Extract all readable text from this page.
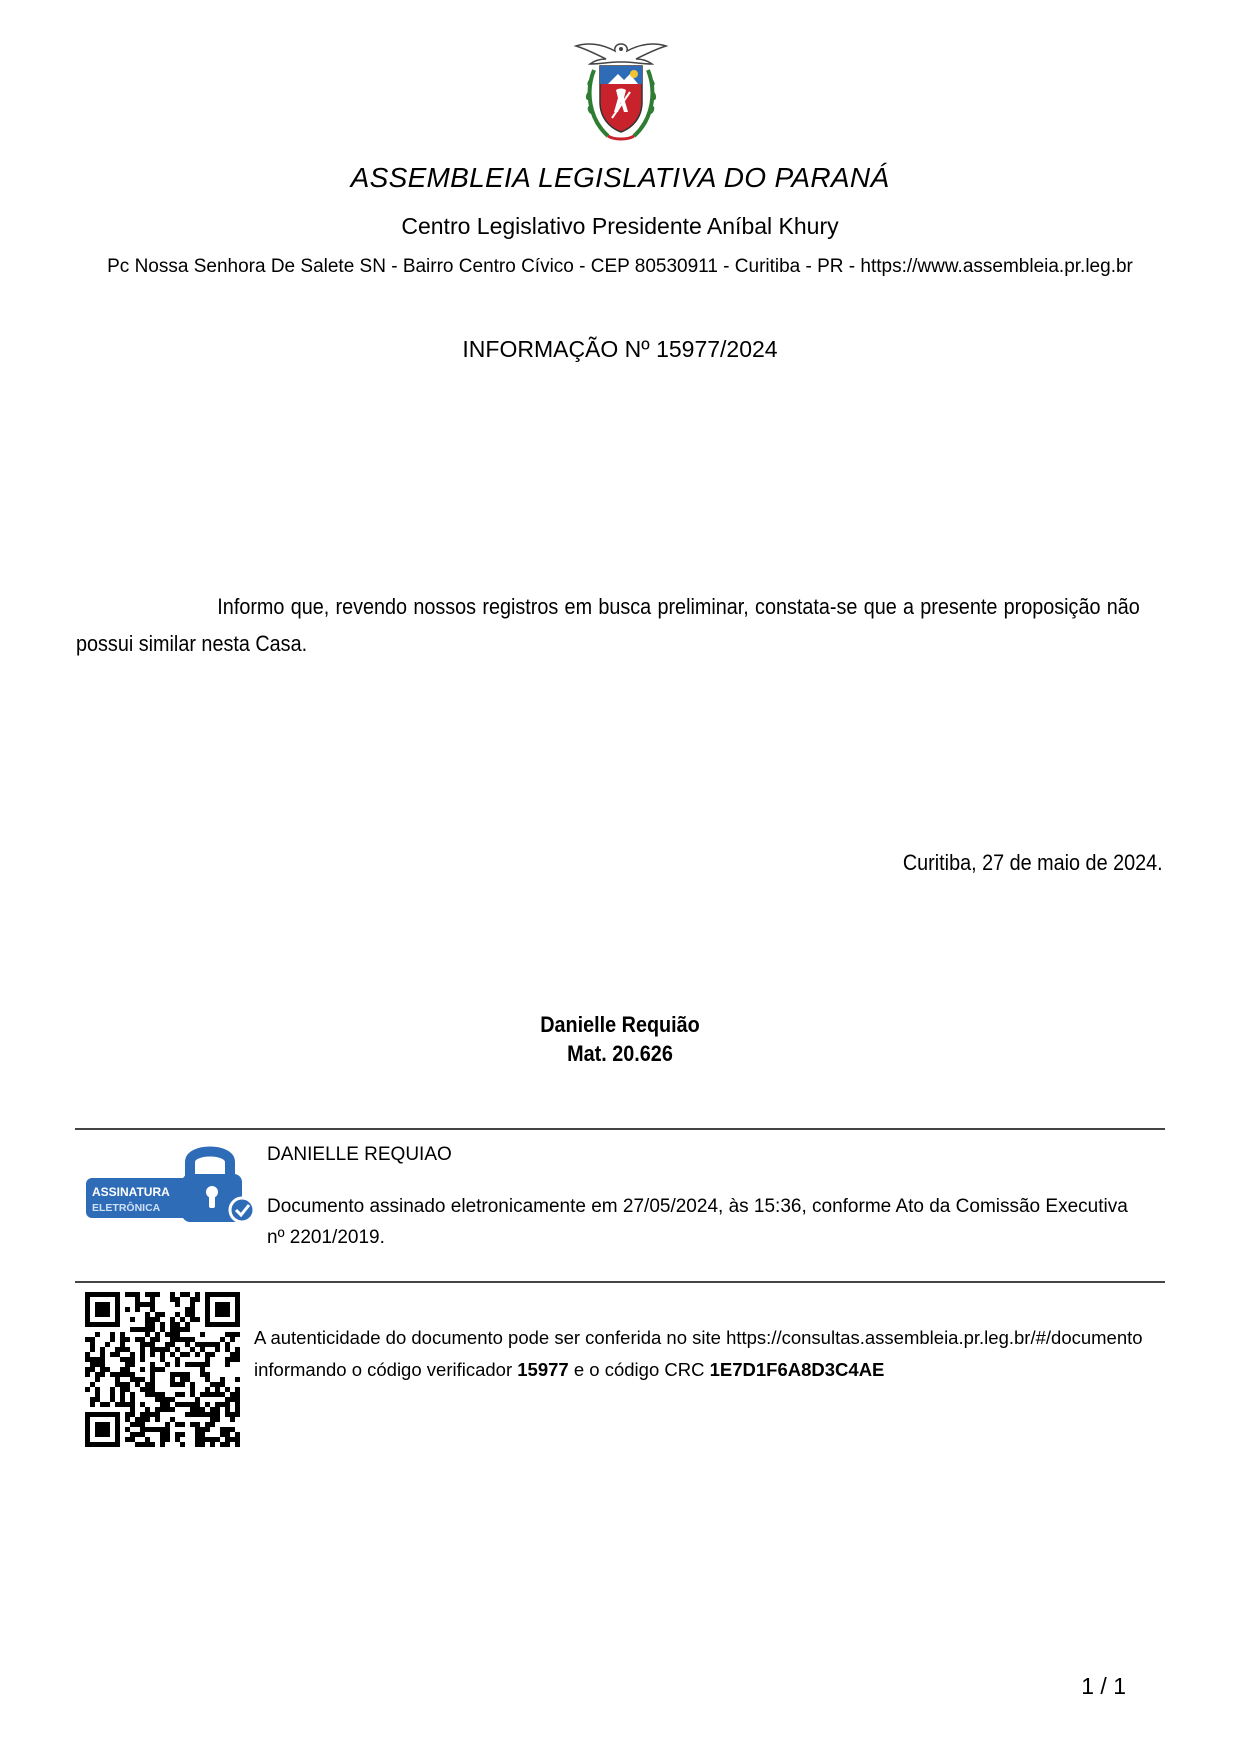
ASSEMBLEIA LEGISLATIVA DO PARANÁ
Centro Legislativo Presidente Aníbal Khury
Pc Nossa Senhora De Salete SN - Bairro Centro Cívico - CEP 80530911 - Curitiba - PR - https://www.assembleia.pr.leg.br
INFORMAÇÃO Nº 15977/2024
Informo que, revendo nossos registros em busca preliminar, constata-se que a presente proposição não possui similar nesta Casa.
Curitiba, 27 de maio de 2024.
Danielle Requião
Mat. 20.626
ASSINATURA
ELETRÔNICA
DANIELLE REQUIAO
Documento assinado eletronicamente em 27/05/2024, às 15:36, conforme Ato da Comissão Executiva nº 2201/2019.
A autenticidade do documento pode ser conferida no site https://consultas.assembleia.pr.leg.br/#/documento informando o código verificador 15977 e o código CRC 1E7D1F6A8D3C4AE
1 / 1
